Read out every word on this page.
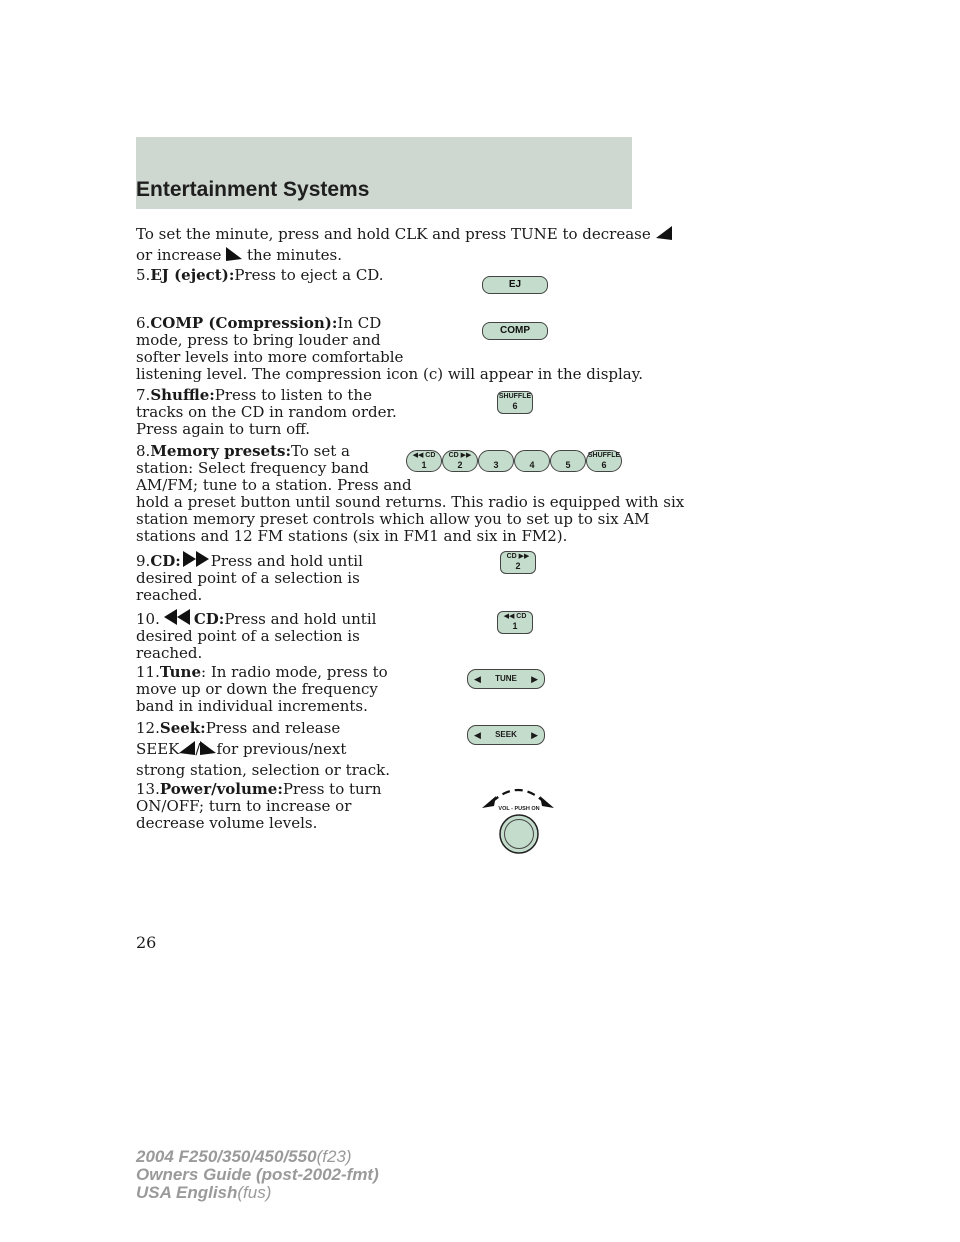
Entertainment Systems
To set the minute, press and hold CLK and press TUNE to decrease
or increase the minutes.
5.EJ (eject):Press to eject a CD.
EJ
6.COMP (Compression):In CD
mode, press to bring louder and
softer levels into more comfortable
listening level. The compression icon (c) will appear in the display.
COMP
7.Shuffle:Press to listen to the
tracks on the CD in random order.
Press again to turn off.
SHUFFLE
6
8.Memory presets:To set a
station: Select frequency band
AM/FM; tune to a station. Press and
hold a preset button until sound returns. This radio is equipped with six
station memory preset controls which allow you to set up to six AM
stations and 12 FM stations (six in FM1 and six in FM2).
◀◀ CD
1
CD ▶▶
2	3	4	5
SHUFFLE
6
9.CD: Press and hold until
desired point of a selection is
reached.
CD ▶▶
2
10. CD:Press and hold until
desired point of a selection is
reached.
◀◀ CD
1
11.Tune: In radio mode, press to
move up or down the frequency
band in individual increments.
◀ TUNE ▶
12.Seek:Press and release
SEEK / for previous/next
strong station, selection or track.
◀ SEEK ▶
13.Power/volume:Press to turn
ON/OFF; turn to increase or
decrease volume levels.
VOL - PUSH ON
26
2004 F250/350/450/550(f23)
Owners Guide (post-2002-fmt)
USA English(fus)
